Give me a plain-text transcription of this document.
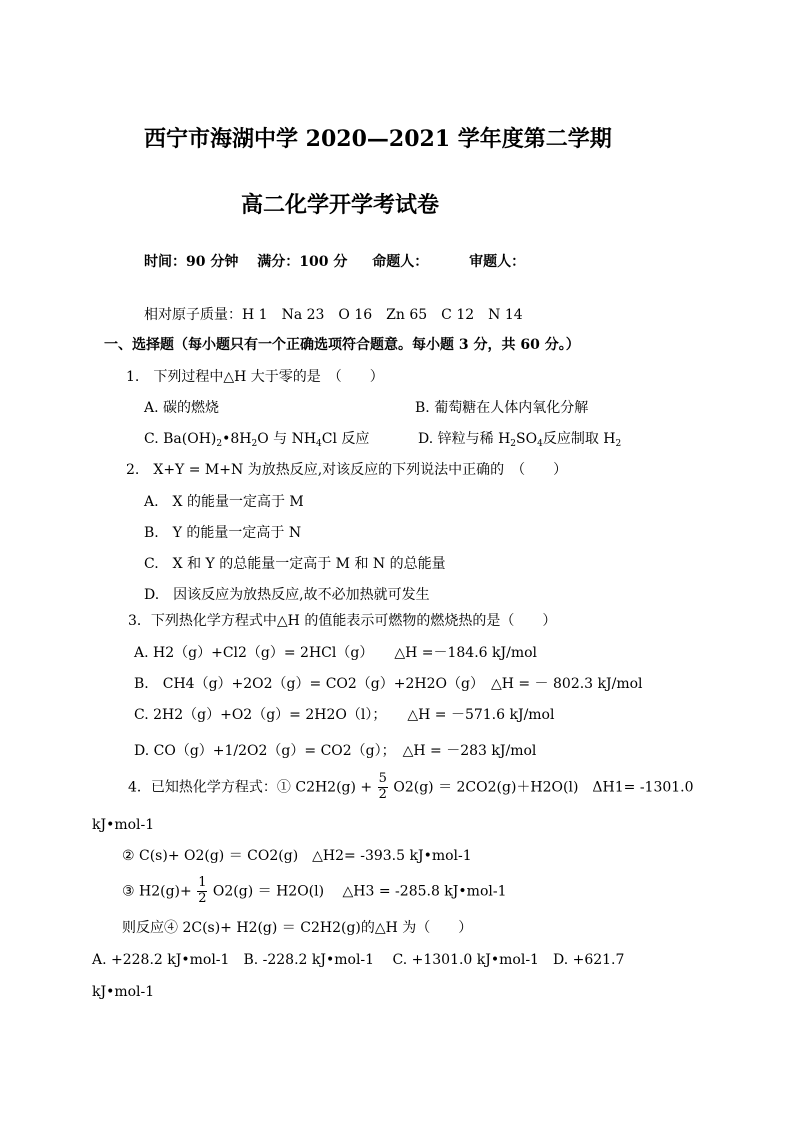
西宁市海湖中学 2020—2021 学年度第二学期
高二化学开学考试卷
时间：90 分钟 满分：100 分 命题人：	审题人：
相对原子质量：H 1　Na 23　O 16　Zn 65　C 12　N 14
一、选择题（每小题只有一个正确选项符合题意。每小题 3 分，共 60 分。）
1.　下列过程中△H 大于零的是　（　　）
A. 碳的燃烧	B. 葡萄糖在人体内氧化分解
C. $Ba(OH)_2•8H_2O$ 与 $NH_4Cl$ 反应	D. 锌粒与稀 $H_2SO_4$反应制取 $H_2$
2.　X+Y = M+N 为放热反应,对该反应的下列说法中正确的　（　　）
A.　X 的能量一定高于 M
B.　Y 的能量一定高于 N
C.　X 和 Y 的总能量一定高于 M 和 N 的总能量
D.　因该反应为放热反应,故不必加热就可发生
3．下列热化学方程式中△H 的值能表示可燃物的燃烧热的是（　　）
A. H2（g）+Cl2（g）= 2HCl（g）　　△H =－184.6 kJ/mol
B.　CH4（g）+2O2（g）= CO2（g）+2H2O（g）　△H = － 802.3 kJ/mol
C. 2H2（g）+O2（g）= 2H2O（l）；　　△H = －571.6 kJ/mol
D. CO（g）+1/2O2（g）= CO2（g）；　△H = －283 kJ/mol
4．已知热化学方程式：① $C2H2(g) + \frac{5}{2} O2(g) = 2CO2(g)+H2O(l)$　ΔH1= -1301.0
kJ•mol-1
② C(s)+ O2(g) ＝ CO2(g)　△H2= -393.5 kJ•mol-1
③ $H2(g)+ \frac{1}{2} O2(g) = H2O(l)$　 △H3 = -285.8 kJ•mol-1
则反应④ 2C(s)+ H2(g) ＝ C2H2(g)的△H 为（　　）
A. +228.2 kJ•mol-1　B. -228.2 kJ•mol-1　 C. +1301.0 kJ•mol-1　D. +621.7
kJ•mol-1
